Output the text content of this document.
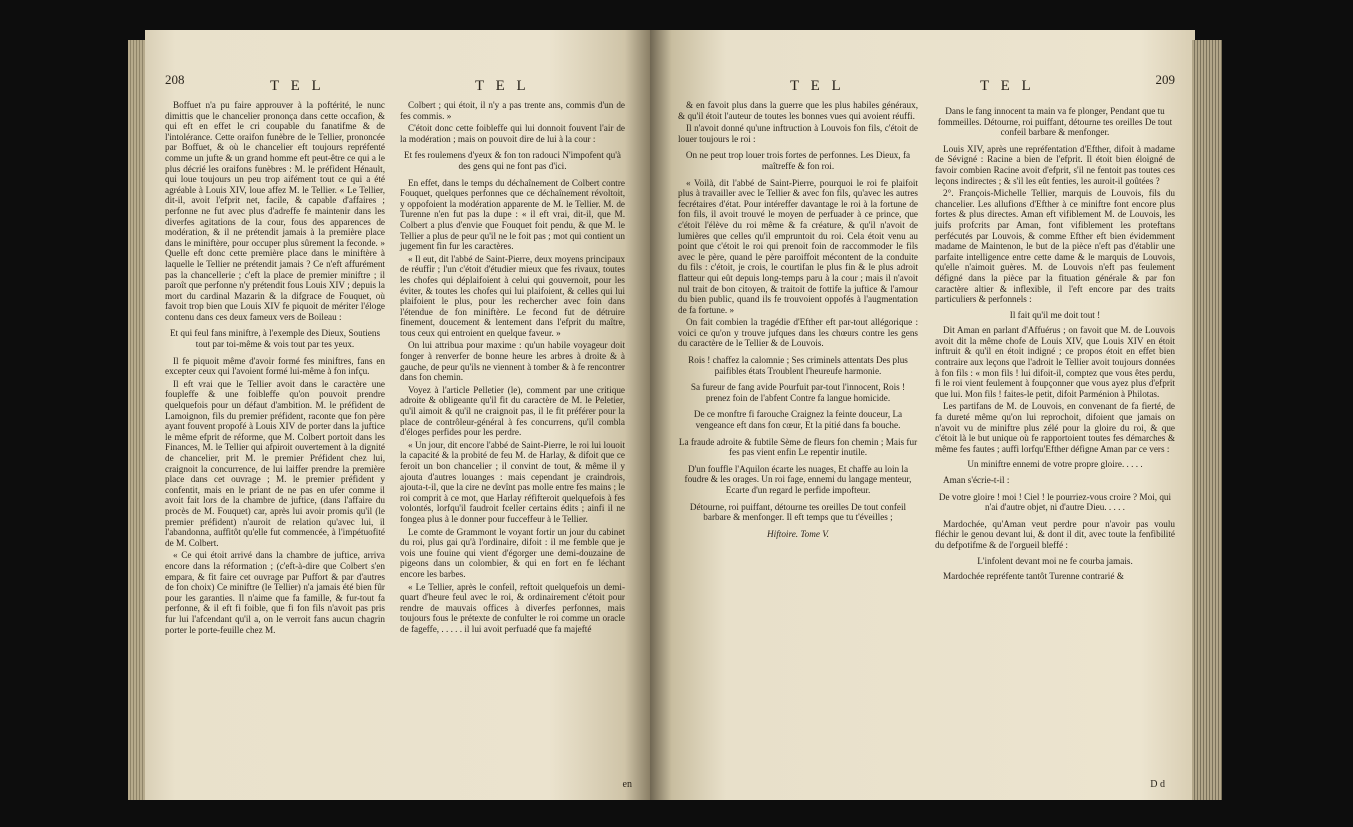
208	T E L	T E L

Boffuet n'a pu faire approuver à la poftérité, le nunc dimittis que le chancelier prononça dans cette occafion, & qui eft en effet le cri coupable du fanatifme & de l'intolérance. Cette oraifon funèbre de le Tellier, prononcée par Boffuet, & où le chancelier eft toujours repréfenté comme un jufte & un grand homme eft peut-être ce qui a le plus décrié les oraifons funèbres : M. le préfident Hénault, qui loue toujours un peu trop aifément tout ce qui a été agréable à Louis XIV, loue affez M. le Tellier. « Le Tellier, dit-il, avoit l'efprit net, facile, & capable d'affaires ; perfonne ne fut avec plus d'adreffe fe maintenir dans les diverfes agitations de la cour, fous des apparences de modération, & il ne prétendit jamais à la première place dans le miniftère, pour occuper plus sûrement la feconde. » Quelle eft donc cette première place dans le miniftère à laquelle le Tellier ne prétendit jamais ? Ce n'eft affurément pas la chancellerie ; c'eft la place de premier miniftre ; il paroît que perfonne n'y prétendit fous Louis XIV ; depuis la mort du cardinal Mazarin & la difgrace de Fouquet, où favoit trop bien que Louis XIV fe piquoit de mériter l'éloge contenu dans ces deux fameux vers de Boileau :

Et qui feul fans miniftre, à l'exemple des Dieux, Soutiens tout par toi-même & vois tout par tes yeux.

Il fe piquoit même d'avoir formé fes miniftres, fans en excepter ceux qui l'avoient formé lui-même à fon infçu.

Il eft vrai que le Tellier avoit dans le caractère une foupleffe & une foibleffe qu'on pouvoit prendre quelquefois pour un défaut d'ambition. M. le préfident de Lamoignon, fils du premier préfident, raconte que fon père ayant fouvent propofé à Louis XIV de porter dans la juftice le même efprit de réforme, que M. Colbert portoit dans les Finances, M. le Tellier qui afpiroit ouvertement à la dignité de chancelier, prit M. le premier Préfident chez lui, craignoit la concurrence, de lui laiffer prendre la première place dans cet ouvrage ; M. le premier préfident y confentit, mais en le priant de ne pas en ufer comme il avoit fait lors de la chambre de juftice, (dans l'affaire du procès de M. Fouquet) car, après lui avoir promis qu'il (le premier préfident) n'auroit de relation qu'avec lui, il l'abandonna, auffitôt qu'elle fut commencée, à l'impétuofité de M. Colbert.

« Ce qui étoit arrivé dans la chambre de juftice, arriva encore dans la réformation ; (c'eft-à-dire que Colbert s'en empara, & fit faire cet ouvrage par Puffort & par d'autres de fon choix) Ce miniftre (le Tellier) n'a jamais été bien fûr pour les garanties. Il n'aime que fa famille, & fur-tout fa perfonne, & il eft fi foible, que fi fon fils n'avoit pas pris fur lui l'afcendant qu'il a, on le verroit fans aucun chagrin porter le porte-feuille chez M.

Colbert ; qui étoit, il n'y a pas trente ans, commis d'un de fes commis. »

C'étoit donc cette foibleffe qui lui donnoit fouvent l'air de la modération ; mais on pouvoit dire de lui à la cour :

Et fes roulemens d'yeux & fon ton radouci N'impofent qu'à des gens qui ne font pas d'ici.

En effet, dans le temps du déchaînement de Colbert contre Fouquet, quelques perfonnes que ce déchaînement révoltoit, y oppofoient la modération apparente de M. le Tellier. M. de Turenne n'en fut pas la dupe : « il eft vrai, dit-il, que M. Colbert a plus d'envie que Fouquet foit pendu, & que M. le Tellier a plus de peur qu'il ne le foit pas ; mot qui contient un jugement fin fur les caractères.

« Il eut, dit l'abbé de Saint-Pierre, deux moyens principaux de réuffir ; l'un c'étoit d'étudier mieux que fes rivaux, toutes les chofes qui déplaifoient à celui qui gouvernoit, pour les éviter, & toutes les chofes qui lui plaifoient, & celles qui lui plaifoient le plus, pour les rechercher avec foin dans l'étendue de fon miniftère. Le fecond fut de détruire finement, doucement & lentement dans l'efprit du maître, tous ceux qui entroient en quelque faveur. »

On lui attribua pour maxime : qu'un habile voyageur doit fonger à renverfer de bonne heure les arbres à droite & à gauche, de peur qu'ils ne viennent à tomber & à fe rencontrer dans fon chemin.

Voyez à l'article Pelletier (le), comment par une critique adroite & obligeante qu'il fit du caractère de M. le Peletier, qu'il aimoit & qu'il ne craignoit pas, il le fit préférer pour la place de contrôleur-général à fes concurrens, qu'il combla d'éloges perfides pour les perdre.

« Un jour, dit encore l'abbé de Saint-Pierre, le roi lui louoit la capacité & la probité de feu M. de Harlay, & difoit que ce feroit un bon chancelier ; il convint de tout, & même il y ajouta d'autres louanges : mais cependant je craindrois, ajouta-t-il, que la cire ne devînt pas molle entre fes mains ; le roi comprit à ce mot, que Harlay réfifteroit quelquefois à fes volontés, lorfqu'il faudroit fceller certains édits ; ainfi il ne fongea plus à le donner pour fucceffeur à le Tellier.

Le comte de Grammont le voyant fortir un jour du cabinet du roi, plus gai qu'à l'ordinaire, difoit : il me femble que je vois une fouine qui vient d'égorger une demi-douzaine de pigeons dans un colombier, & qui en fort en fe léchant encore les barbes.

« Le Tellier, après le confeil, reftoit quelquefois un demi-quart d'heure feul avec le roi, & ordinairement c'étoit pour rendre de mauvais offices à diverfes perfonnes, mais toujours fous le prétexte de confulter le roi comme un oracle de fageffe, . . . . . il lui avoit perfuadé que fa majefté

en
T E L	T E L	209

& en favoit plus dans la guerre que les plus habiles généraux, & qu'il étoit l'auteur de toutes les bonnes vues qui avoient réuffi.

Il n'avoit donné qu'une inftruction à Louvois fon fils, c'étoit de louer toujours le roi :

On ne peut trop louer trois fortes de perfonnes. Les Dieux, fa maîtreffe & fon roi.

« Voilà, dit l'abbé de Saint-Pierre, pourquoi le roi fe plaifoit plus à travailler avec le Tellier & avec fon fils, qu'avec les autres fecrétaires d'état. Pour intéreffer davantage le roi à la fortune de fon fils, il avoit trouvé le moyen de perfuader à ce prince, que c'étoit l'élève du roi même & fa créature, & qu'il n'avoit de lumières que celles qu'il empruntoit du roi. Cela étoit venu au point que c'étoit le roi qui prenoit foin de raccommoder le fils avec le père, quand le père paroiffoit mécontent de la conduite du fils : c'étoit, je crois, le courtifan le plus fin & le plus adroit flatteur qui eût depuis long-temps paru à la cour ; mais il n'avoit nul trait de bon citoyen, & traitoit de fottife la juftice & l'amour du bien public, quand ils fe trouvoient oppofés à l'augmentation de fa fortune. »

On fait combien la tragédie d'Efther eft par-tout allégorique : voici ce qu'on y trouve jufques dans les chœurs contre les gens du caractère de le Tellier & de Louvois.

Rois ! chaffez la calomnie ; Ses criminels attentats Des plus paifibles états Troublent l'heureufe harmonie.

Sa fureur de fang avide Pourfuit par-tout l'innocent, Rois ! prenez foin de l'abfent Contre fa langue homicide.

De ce monftre fi farouche Craignez la feinte douceur, La vengeance eft dans fon cœur, Et la pitié dans fa bouche.

La fraude adroite & fubtile Sème de fleurs fon chemin ; Mais fur fes pas vient enfin Le repentir inutile.

D'un fouffle l'Aquilon écarte les nuages, Et chaffe au loin la foudre & les orages. Un roi fage, ennemi du langage menteur, Ecarte d'un regard le perfide impofteur.

Détourne, roi puiffant, détourne tes oreilles De tout confeil barbare & menfonger. Il eft temps que tu t'éveilles ;

Hiftoire. Tome V.

Dans le fang innocent ta main va fe plonger, Pendant que tu fommeilles. Détourne, roi puiffant, détourne tes oreilles De tout confeil barbare & menfonger.

Louis XIV, après une repréfentation d'Efther, difoit à madame de Sévigné : Racine a bien de l'efprit. Il étoit bien éloigné de favoir combien Racine avoit d'efprit, s'il ne fentoit pas toutes ces leçons indirectes ; & s'il les eût fenties, les auroit-il goûtées ?

2°. François-Michelle Tellier, marquis de Louvois, fils du chancelier. Les allufions d'Efther à ce miniftre font encore plus fortes & plus directes. Aman eft vifiblement M. de Louvois, les juifs profcrits par Aman, font vifiblement les proteftans perfécutés par Louvois, & comme Efther eft bien évidemment madame de Maintenon, le but de la pièce n'eft pas d'établir une parfaite intelligence entre cette dame & le marquis de Louvois, qu'elle n'aimoit guères. M. de Louvois n'eft pas feulement défigné dans la pièce par la fituation générale & par fon caractère altier & inflexible, il l'eft encore par des traits particuliers & perfonnels :

Il fait qu'il me doit tout !

Dit Aman en parlant d'Affuérus ; on favoit que M. de Louvois avoit dit la même chofe de Louis XIV, que Louis XIV en étoit inftruit & qu'il en étoit indigné ; ce propos étoit en effet bien contraire aux leçons que l'adroit le Tellier avoit toujours données à fon fils : « mon fils ! lui difoit-il, comptez que vous êtes perdu, fi le roi vient feulement à foupçonner que vous ayez plus d'efprit que lui. Mon fils ! faites-le petit, difoit Parménion à Philotas.

Les partifans de M. de Louvois, en convenant de fa fierté, de fa dureté même qu'on lui reprochoit, difoient que jamais on n'avoit vu de miniftre plus zélé pour la gloire du roi, & que c'étoit là le but unique où fe rapportoient toutes fes démarches & même fes fautes ; auffi lorfqu'Efther défigne Aman par ce vers :

Un miniftre ennemi de votre propre gloire. . . . .

Aman s'écrie-t-il :

De votre gloire ! moi ! Ciel ! le pourriez-vous croire ? Moi, qui n'ai d'autre objet, ni d'autre Dieu. . . . .

Mardochée, qu'Aman veut perdre pour n'avoir pas voulu fléchir le genou devant lui, & dont il dit, avec toute la fenfibilité du defpotifme & de l'orgueil bleffé :

L'infolent devant moi ne fe courba jamais.

Mardochée repréfente tantôt Turenne contrarié &

D d
